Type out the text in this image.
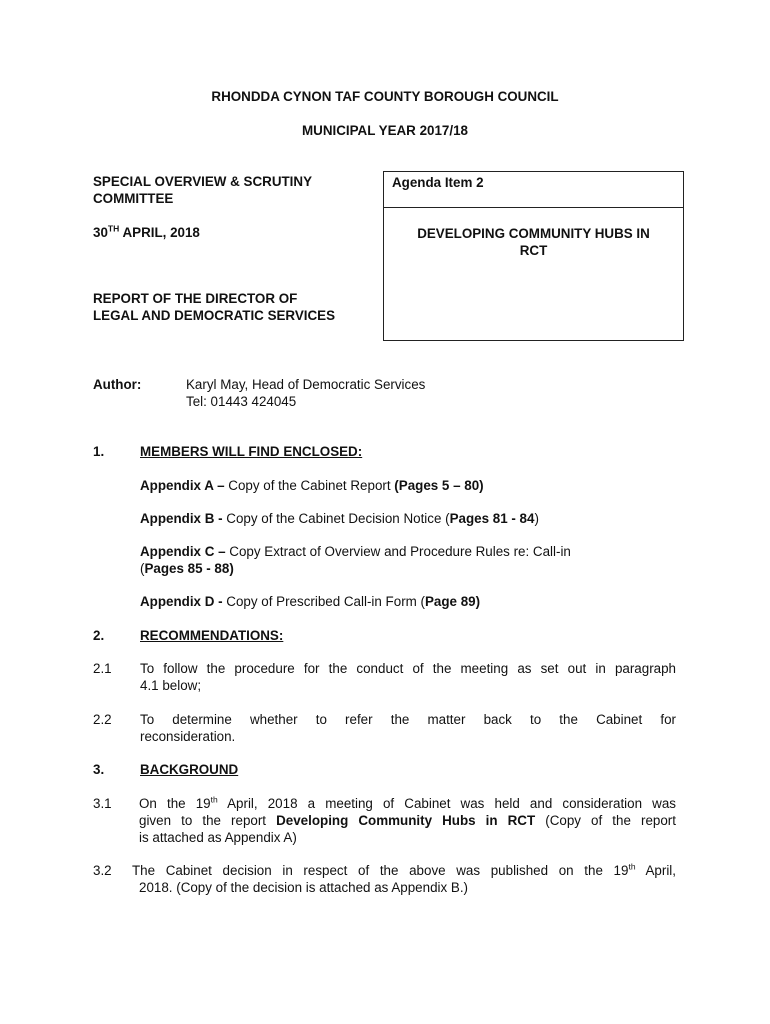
RHONDDA CYNON TAF COUNTY BOROUGH COUNCIL
MUNICIPAL YEAR 2017/18
SPECIAL OVERVIEW & SCRUTINY
COMMITTEE
30TH APRIL, 2018
REPORT OF THE DIRECTOR OF
LEGAL AND DEMOCRATIC SERVICES
Agenda Item 2
DEVELOPING COMMUNITY HUBS IN
RCT
Author:	Karyl May, Head of Democratic Services
Tel: 01443 424045
1.	MEMBERS WILL FIND ENCLOSED:
Appendix A – Copy of the Cabinet Report (Pages 5 – 80)
Appendix B - Copy of the Cabinet Decision Notice (Pages 81 - 84)
Appendix C – Copy Extract of Overview and Procedure Rules re: Call-in
(Pages 85 - 88)
Appendix D - Copy of Prescribed Call-in Form (Page 89)
2.	RECOMMENDATIONS:
2.1 To follow the procedure for the conduct of the meeting as set out in paragraph
4.1 below;
2.2 To determine whether to refer the matter back to the Cabinet for
reconsideration.
3.	BACKGROUND
3.1 On the 19th April, 2018 a meeting of Cabinet was held and consideration was
given to the report Developing Community Hubs in RCT (Copy of the report
is attached as Appendix A)
3.2 The Cabinet decision in respect of the above was published on the 19th April,
2018. (Copy of the decision is attached as Appendix B.)
